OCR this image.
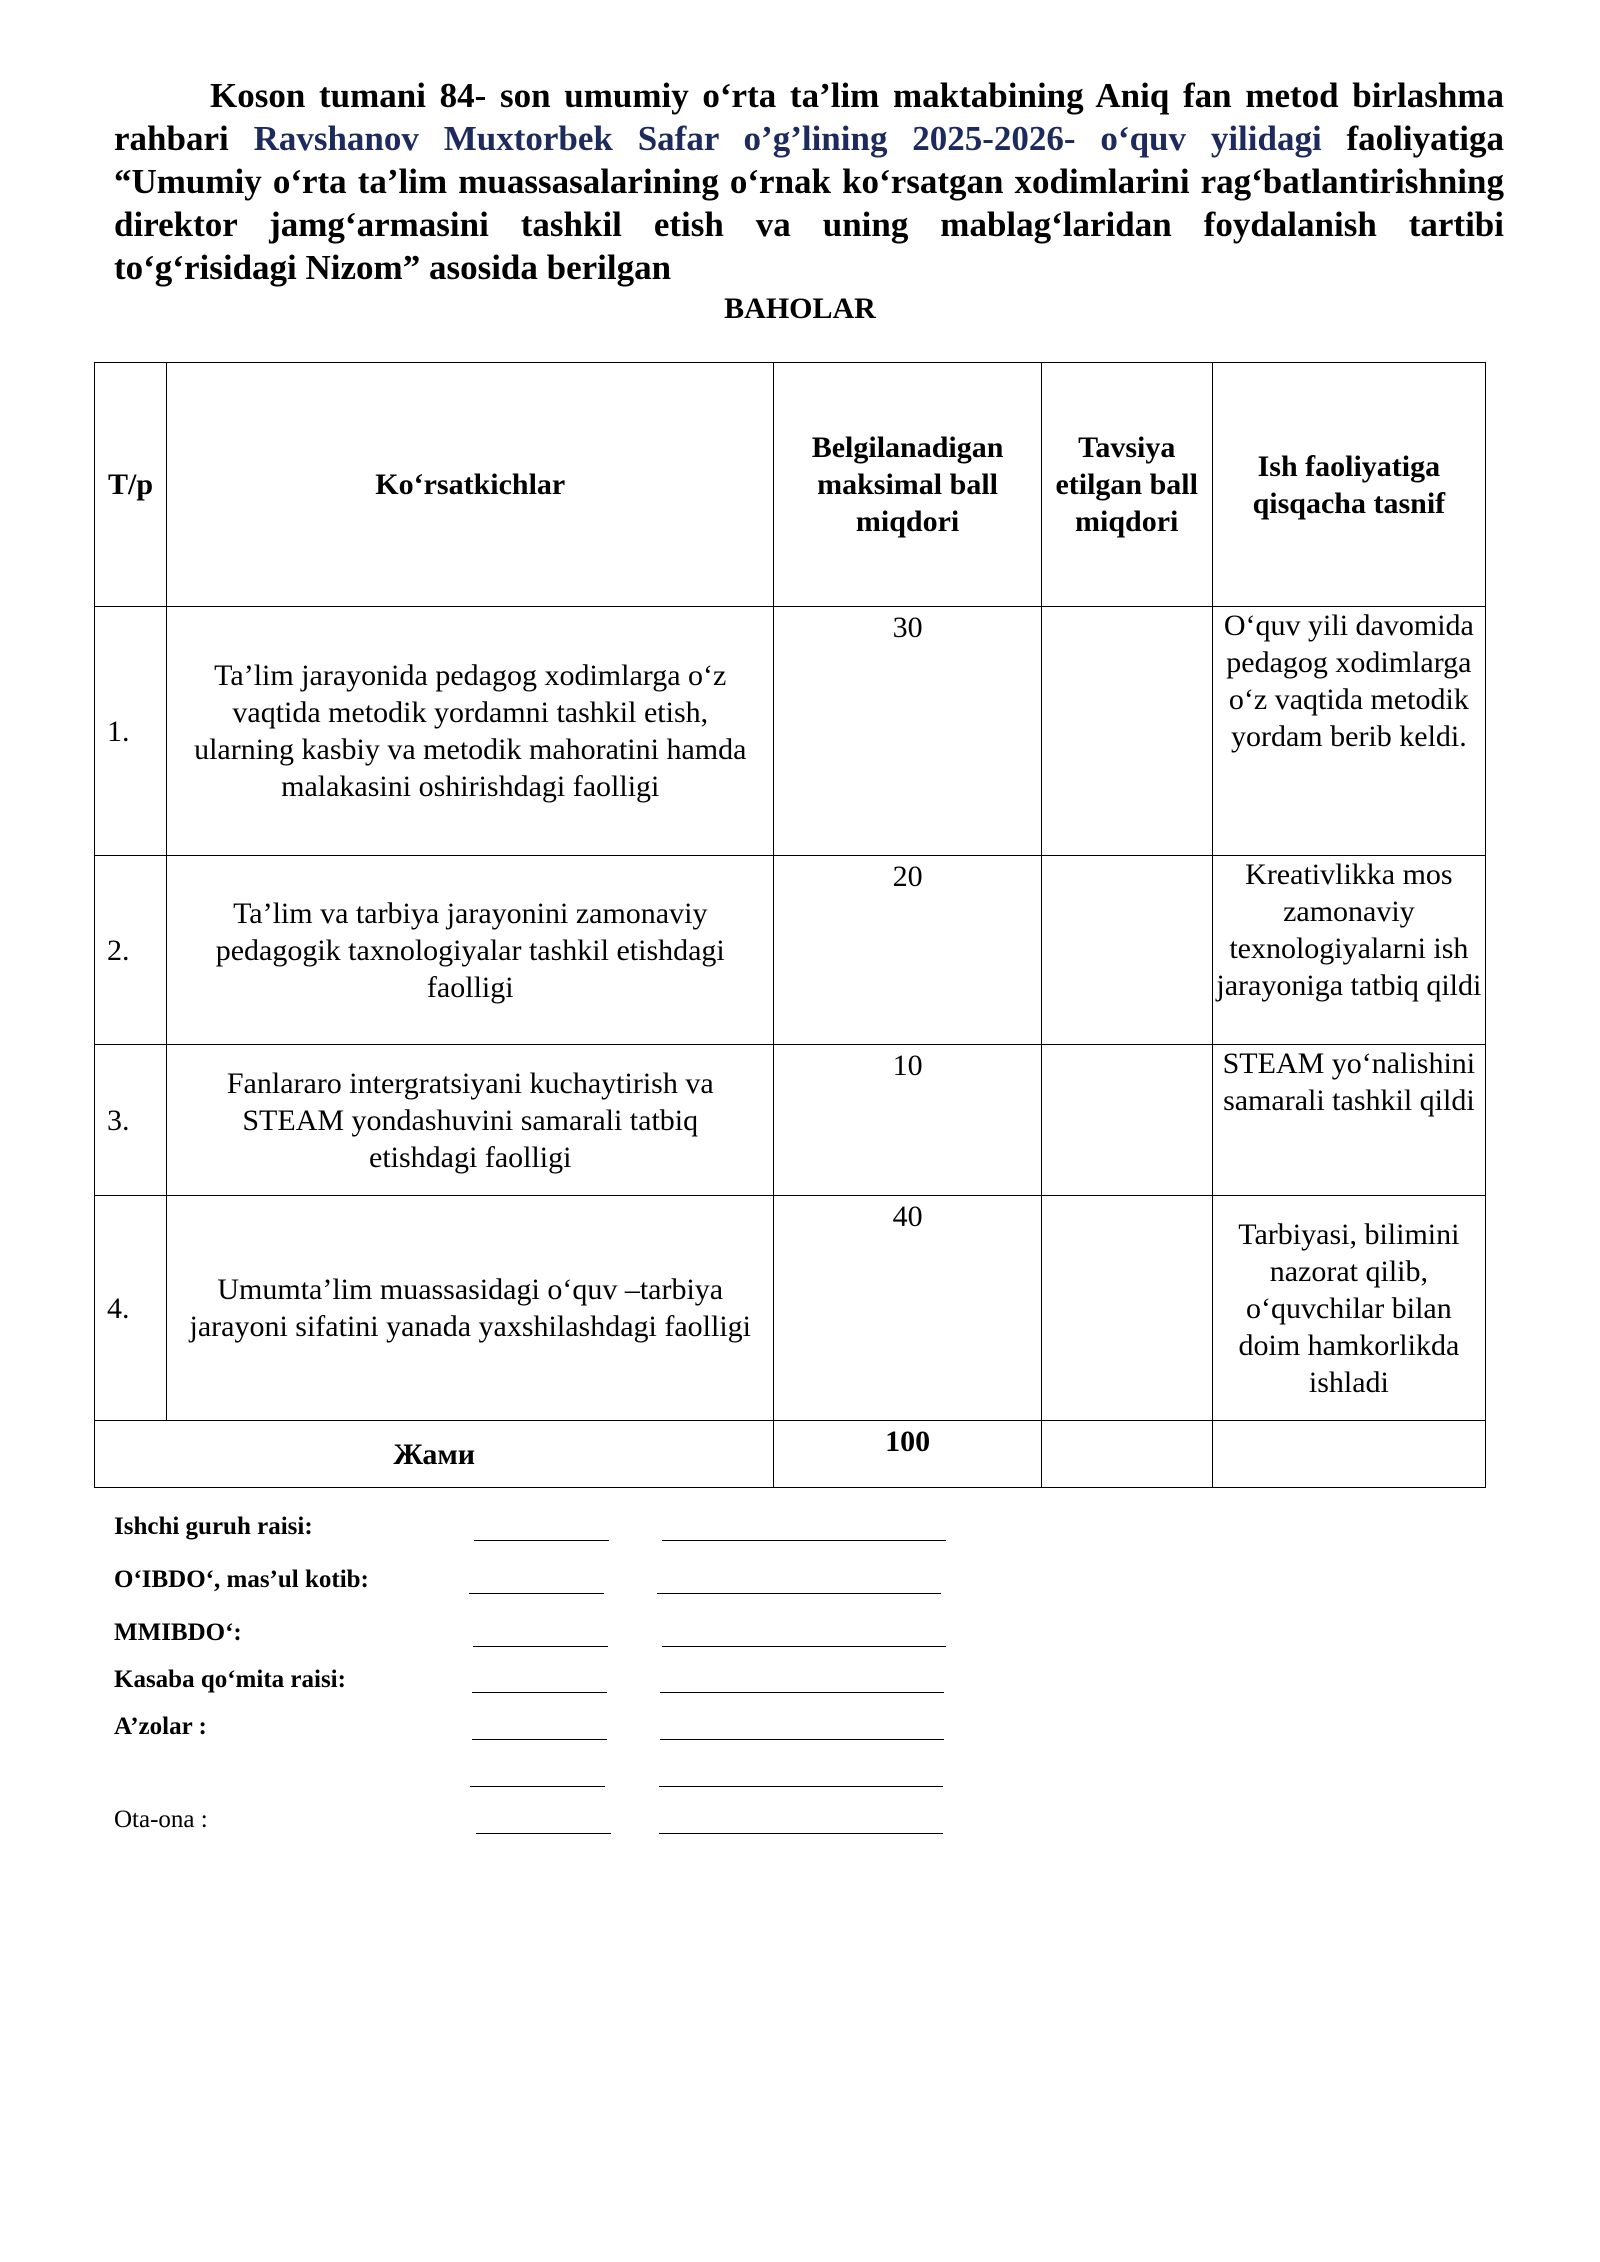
Koson tumani 84- son umumiy o‘rta ta’lim maktabining Aniq fan metod birlashma rahbari Ravshanov Muxtorbek Safar o’g’lining 2025-2026- o‘quv yilidagi faoliyatiga “Umumiy o‘rta ta’lim muassasalarining o‘rnak ko‘rsatgan xodimlarini rag‘batlantirishning direktor jamg‘armasini tashkil etish va uning mablag‘laridan foydalanish tartibi to‘g‘risidagi Nizom” asosida berilgan
BAHOLAR
T/p	Ko‘rsatkichlar	Belgilanadigan maksimal ball miqdori	Tavsiya etilgan ball miqdori	Ish faoliyatiga qisqacha tasnif
1.	Ta’lim jarayonida pedagog xodimlarga o‘z vaqtida metodik yordamni tashkil etish, ularning kasbiy va metodik mahoratini hamda malakasini oshirishdagi faolligi	30		O‘quv yili davomida pedagog xodimlarga o‘z vaqtida metodik yordam berib keldi.
2.	Ta’lim va tarbiya jarayonini zamonaviy pedagogik taxnologiyalar tashkil etishdagi faolligi	20		Kreativlikka mos zamonaviy texnologiyalarni ish jarayoniga tatbiq qildi
3.	Fanlararo intergratsiyani kuchaytirish va STEAM yondashuvini samarali tatbiq etishdagi faolligi	10		STEAM yo‘nalishini samarali tashkil qildi
4.	Umumta’lim muassasidagi o‘quv –tarbiya jarayoni sifatini yanada yaxshilashdagi faolligi	40		Tarbiyasi, bilimini nazorat qilib, o‘quvchilar bilan doim hamkorlikda ishladi
Жами		100		
Ishchi guruh raisi:
O‘IBDO‘, mas’ul kotib:
MMIBDO‘:
Kasaba qo‘mita raisi:
A’zolar :
Ota-ona :
